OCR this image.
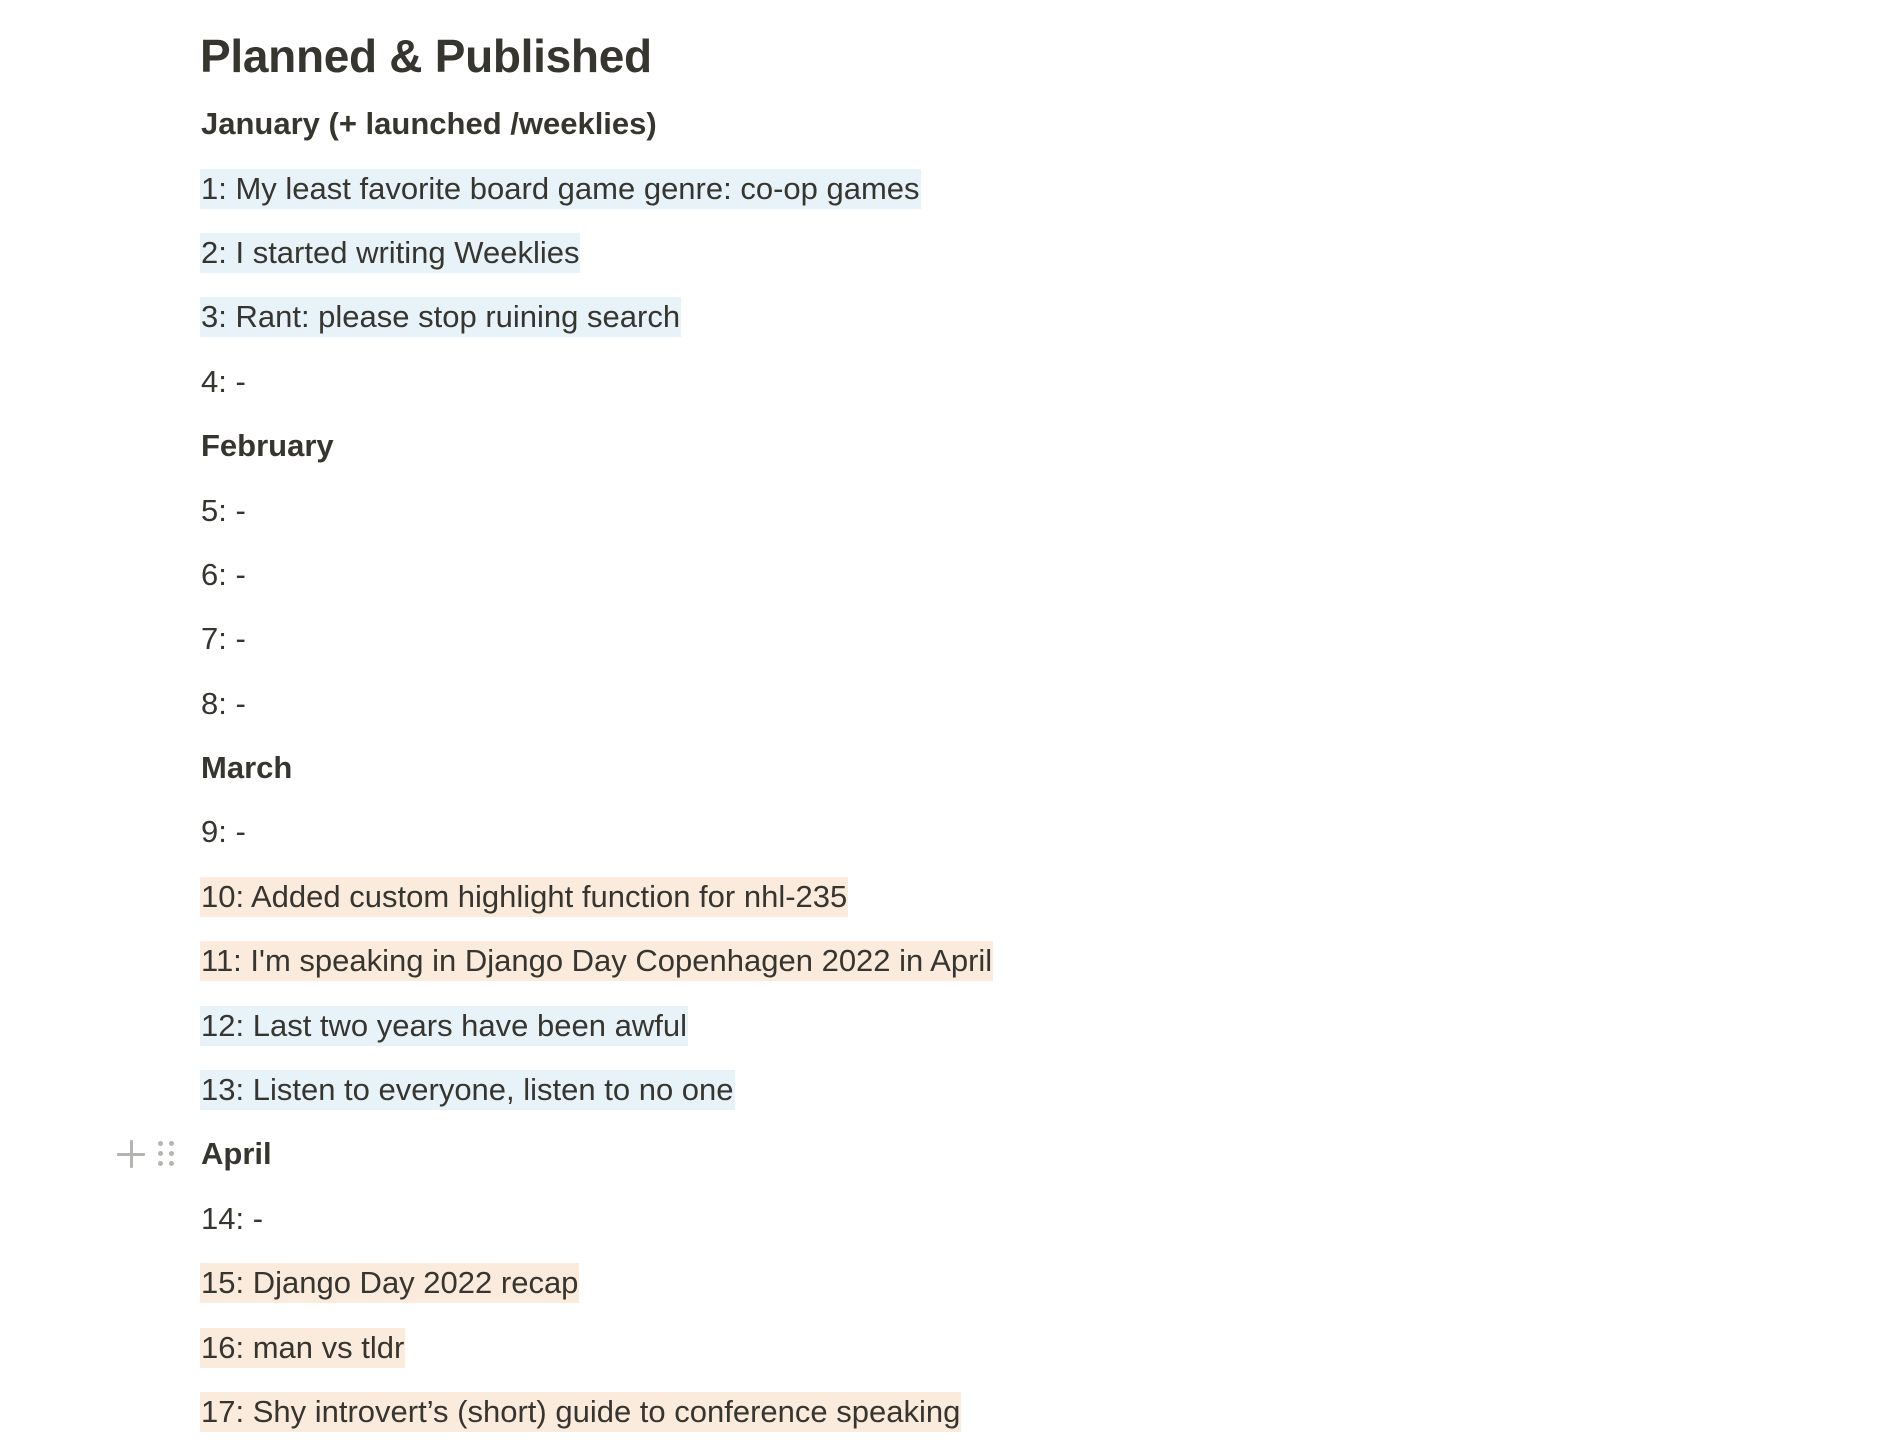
Planned & Published
January (+ launched /weeklies)
1: My least favorite board game genre: co-op games
2: I started writing Weeklies
3: Rant: please stop ruining search
4: -
February
5: -
6: -
7: -
8: -
March
9: -
10: Added custom highlight function for nhl-235
11: I'm speaking in Django Day Copenhagen 2022 in April
12: Last two years have been awful
13: Listen to everyone, listen to no one
April
14: -
15: Django Day 2022 recap
16: man vs tldr
17: Shy introvert’s (short) guide to conference speaking
